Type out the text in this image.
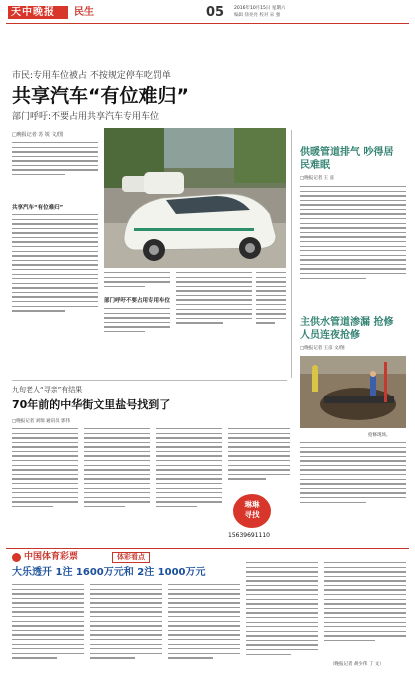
天中晚报 民生	05 2016年10月15日 星期六
编辑 徐亮亮 校对 宋 强
市民:专用车位被占 不按规定停车吃罚单
共享汽车“有位难归”
部门呼吁:不要占用共享汽车专用车位
□晚报记者 苏 锐 文/图
共享汽车“有位难归”
部门呼吁不要占用专用车位
供暖管道排气 吵得居民难眠
□晚报记者 王 彦
主供水管道渗漏 抢修人员连夜抢修
□晚报记者 王彦 文/图
抢修现场。
九旬老人“寻亲”有结果
70年前的中华街文里盐号找到了
□晚报记者 刘瑞 通讯员 郭伟
琳琳
寻找
15639691110
中国体育彩票	体彩看点
大乐透开 1注 1600万元和 2注 1000万元
（晚报记者 胡少伟 丁 文）
